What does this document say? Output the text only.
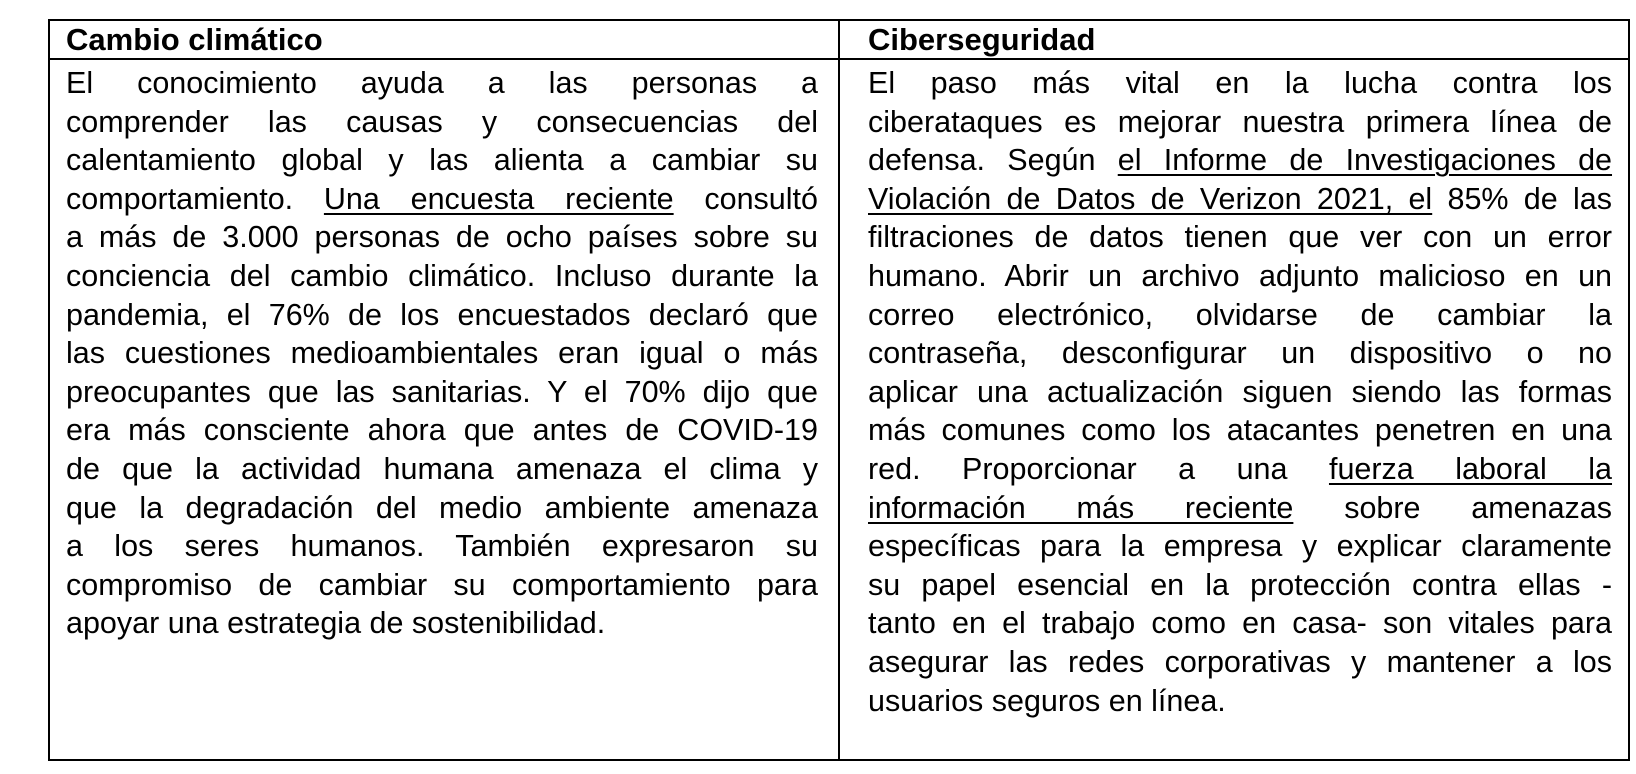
Cambio climático
El conocimiento ayuda a las personas a
comprender las causas y consecuencias del
calentamiento global y las alienta a cambiar su
comportamiento. Una encuesta reciente consultó
a más de 3.000 personas de ocho países sobre su
conciencia del cambio climático. Incluso durante la
pandemia, el 76% de los encuestados declaró que
las cuestiones medioambientales eran igual o más
preocupantes que las sanitarias. Y el 70% dijo que
era más consciente ahora que antes de COVID-19
de que la actividad humana amenaza el clima y
que la degradación del medio ambiente amenaza
a los seres humanos. También expresaron su
compromiso de cambiar su comportamiento para
apoyar una estrategia de sostenibilidad.
Ciberseguridad
El paso más vital en la lucha contra los
ciberataques es mejorar nuestra primera línea de
defensa. Según el Informe de Investigaciones de
Violación de Datos de Verizon 2021, el 85% de las
filtraciones de datos tienen que ver con un error
humano. Abrir un archivo adjunto malicioso en un
correo electrónico, olvidarse de cambiar la
contraseña, desconfigurar un dispositivo o no
aplicar una actualización siguen siendo las formas
más comunes como los atacantes penetren en una
red. Proporcionar a una fuerza laboral la
información más reciente sobre amenazas
específicas para la empresa y explicar claramente
su papel esencial en la protección contra ellas -
tanto en el trabajo como en casa- son vitales para
asegurar las redes corporativas y mantener a los
usuarios seguros en línea.
